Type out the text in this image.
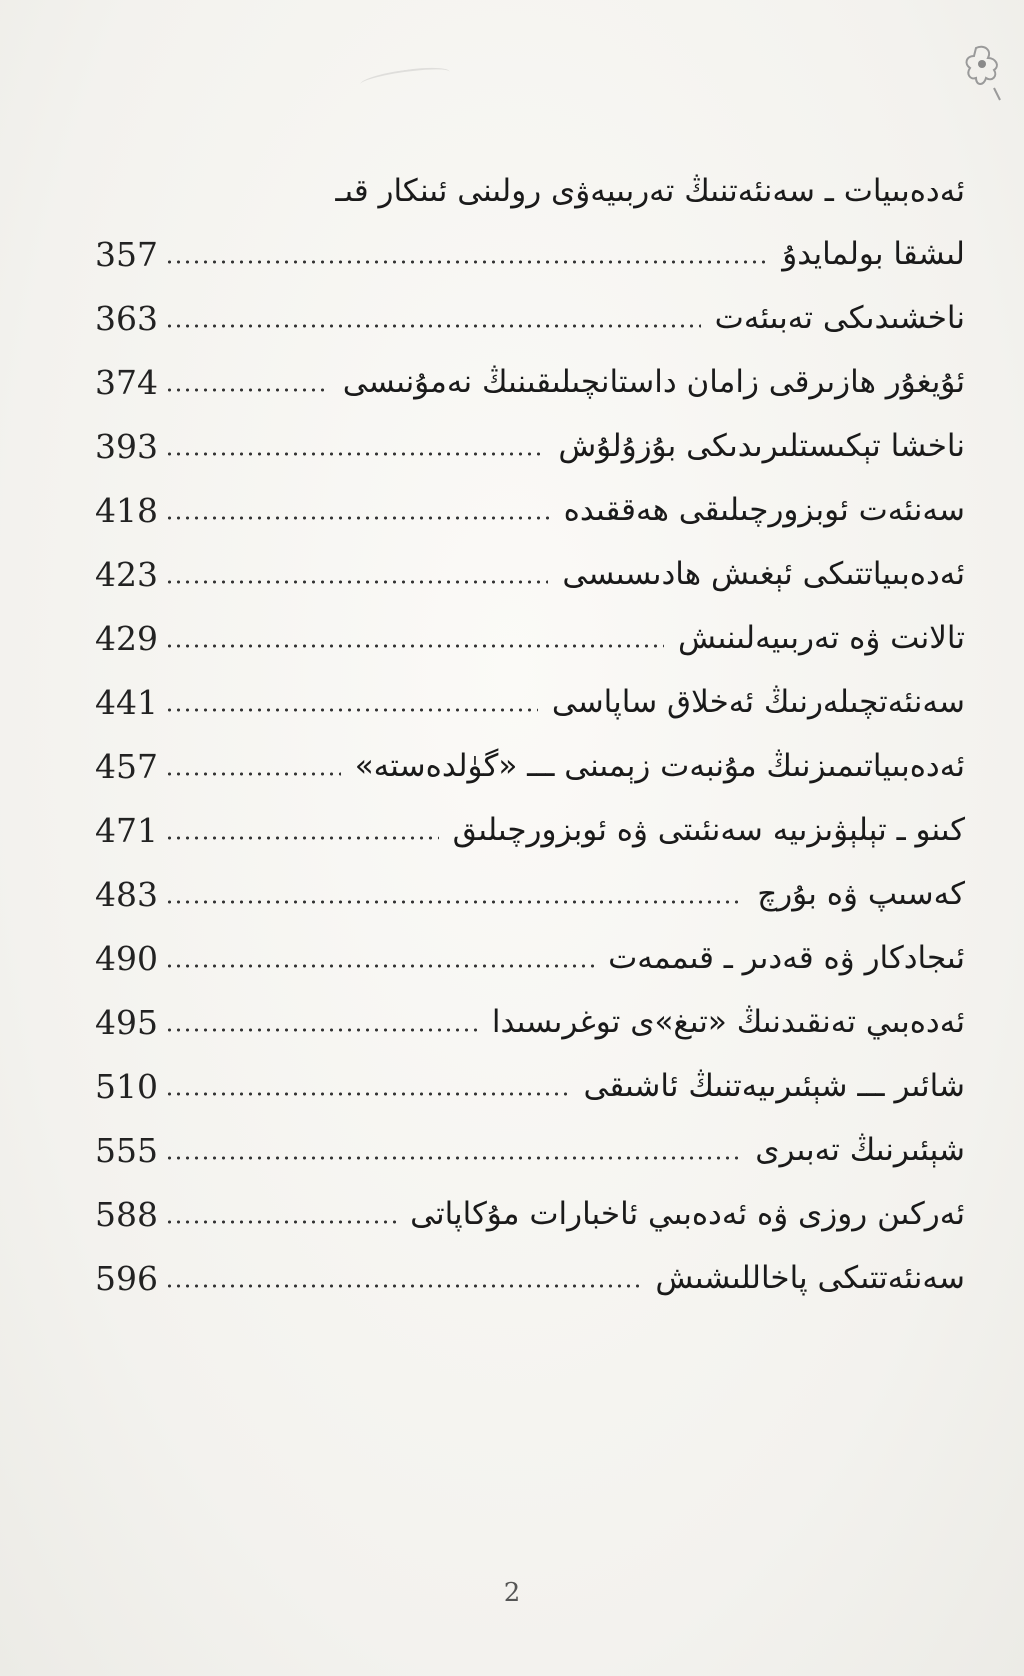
ئەدەبىيات ـ سەنئەتنىڭ تەربىيەۋى رولىنى ئىنكار قىـ
357	لىشقا بولمايدۇ
363	ناخشىدىكى تەبىئەت
374	ئۇيغۇر ھازىرقى زامان داستانچىلىقىنىڭ نەمۇنىسى
393	ناخشا تېكىستلىرىدىكى بۇزۇلۇش
418	سەنئەت ئوبزورچىلىقى ھەققىدە
423	ئەدەبىياتتىكى ئېغىش ھادىسىسى
429	تالانت ۋە تەربىيەلىنىش
441	سەنئەتچىلەرنىڭ ئەخلاق ساپاسى
457	ئەدەبىياتىمىزنىڭ مۇنبەت زېمىنى ـــ «گۈلدەستە»
471	كىنو ـ تېلېۋىزىيە سەنئىتى ۋە ئوبزورچىلىق
483	كەسىپ ۋە بۇرچ
490	ئىجادكار ۋە قەدىر ـ قىممەت
495	ئەدەبىي تەنقىدنىڭ «تىغ»ى توغرىسىدا
510	شائىر ـــ شېئىرىيەتنىڭ ئاشىقى
555	شېئىرنىڭ تەبىرى
588	ئەركىن روزى ۋە ئەدەبىي ئاخبارات مۇكاپاتى
596	سەنئەتتىكى پاخاللىشىش
2
